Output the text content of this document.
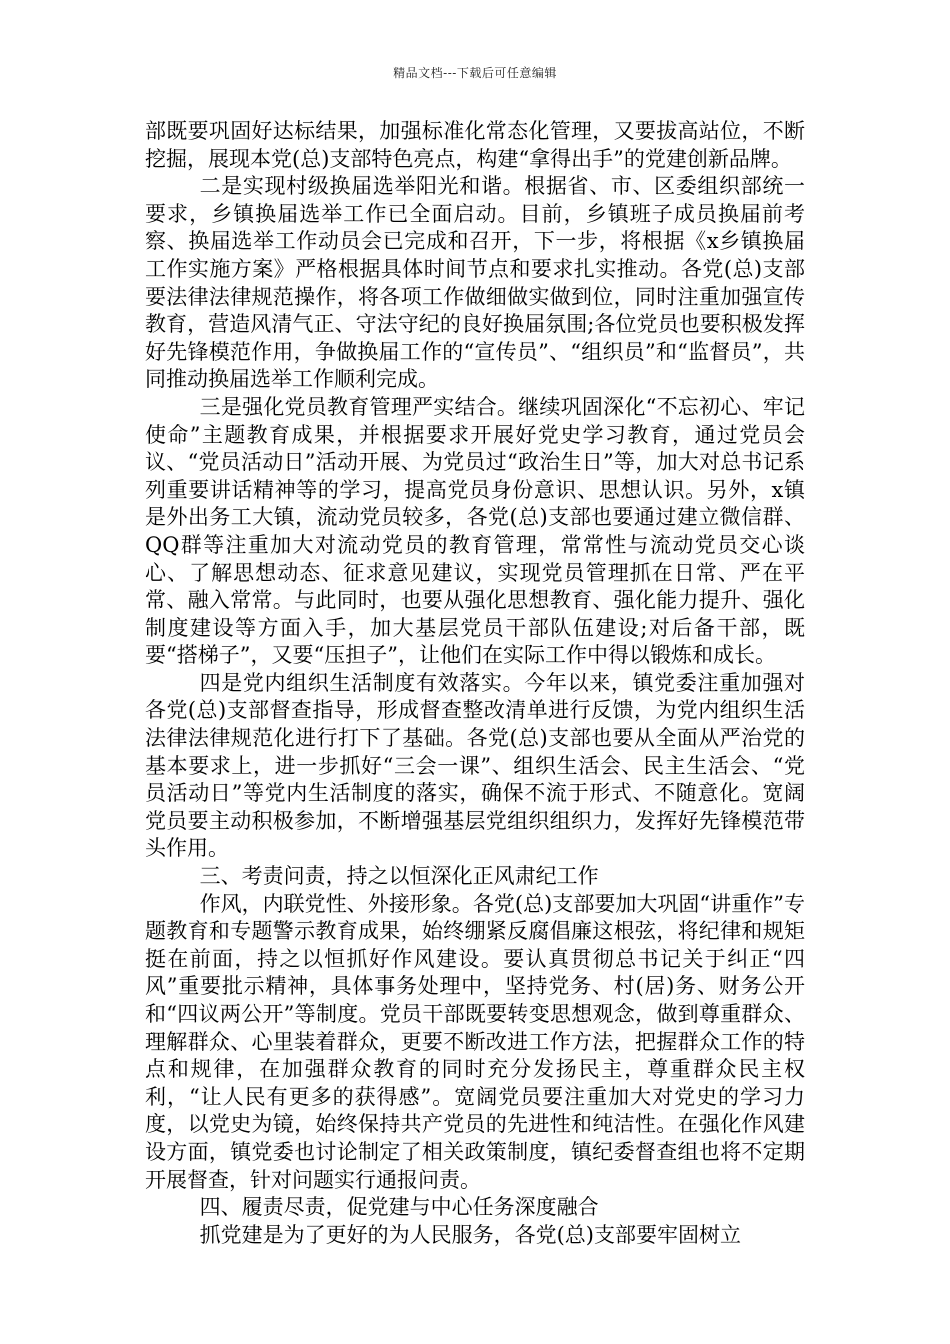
精品文档---下载后可任意编辑

部既要巩固好达标结果，加强标准化常态化管理，又要拔高站位，不断挖掘，展现本党(总)支部特色亮点，构建“拿得出手”的党建创新品牌。

二是实现村级换届选举阳光和谐。根据省、市、区委组织部统一要求，乡镇换届选举工作已全面启动。目前，乡镇班子成员换届前考察、换届选举工作动员会已完成和召开，下一步，将根据《x乡镇换届工作实施方案》严格根据具体时间节点和要求扎实推动。各党(总)支部要法律法律规范操作，将各项工作做细做实做到位，同时注重加强宣传教育，营造风清气正、守法守纪的良好换届氛围;各位党员也要积极发挥好先锋模范作用，争做换届工作的“宣传员”、“组织员”和“监督员”，共同推动换届选举工作顺利完成。

三是强化党员教育管理严实结合。继续巩固深化“不忘初心、牢记使命”主题教育成果，并根据要求开展好党史学习教育，通过党员会议、“党员活动日”活动开展、为党员过“政治生日”等，加大对总书记系列重要讲话精神等的学习，提高党员身份意识、思想认识。另外，x镇是外出务工大镇，流动党员较多，各党(总)支部也要通过建立微信群、QQ群等注重加大对流动党员的教育管理，常常性与流动党员交心谈心、了解思想动态、征求意见建议，实现党员管理抓在日常、严在平常、融入常常。与此同时，也要从强化思想教育、强化能力提升、强化制度建设等方面入手，加大基层党员干部队伍建设;对后备干部，既要“搭梯子”，又要“压担子”，让他们在实际工作中得以锻炼和成长。

四是党内组织生活制度有效落实。今年以来，镇党委注重加强对各党(总)支部督查指导，形成督查整改清单进行反馈，为党内组织生活法律法律规范化进行打下了基础。各党(总)支部也要从全面从严治党的基本要求上，进一步抓好“三会一课”、组织生活会、民主生活会、“党员活动日”等党内生活制度的落实，确保不流于形式、不随意化。宽阔党员要主动积极参加，不断增强基层党组织组织力，发挥好先锋模范带头作用。

三、考责问责，持之以恒深化正风肃纪工作

作风，内联党性、外接形象。各党(总)支部要加大巩固“讲重作”专题教育和专题警示教育成果，始终绷紧反腐倡廉这根弦，将纪律和规矩挺在前面，持之以恒抓好作风建设。要认真贯彻总书记关于纠正“四风”重要批示精神，具体事务处理中，坚持党务、村(居)务、财务公开和“四议两公开”等制度。党员干部既要转变思想观念，做到尊重群众、理解群众、心里装着群众，更要不断改进工作方法，把握群众工作的特点和规律，在加强群众教育的同时充分发扬民主，尊重群众民主权利，“让人民有更多的获得感”。宽阔党员要注重加大对党史的学习力度，以党史为镜，始终保持共产党员的先进性和纯洁性。在强化作风建设方面，镇党委也讨论制定了相关政策制度，镇纪委督查组也将不定期开展督查，针对问题实行通报问责。

四、履责尽责，促党建与中心任务深度融合

抓党建是为了更好的为人民服务，各党(总)支部要牢固树立
